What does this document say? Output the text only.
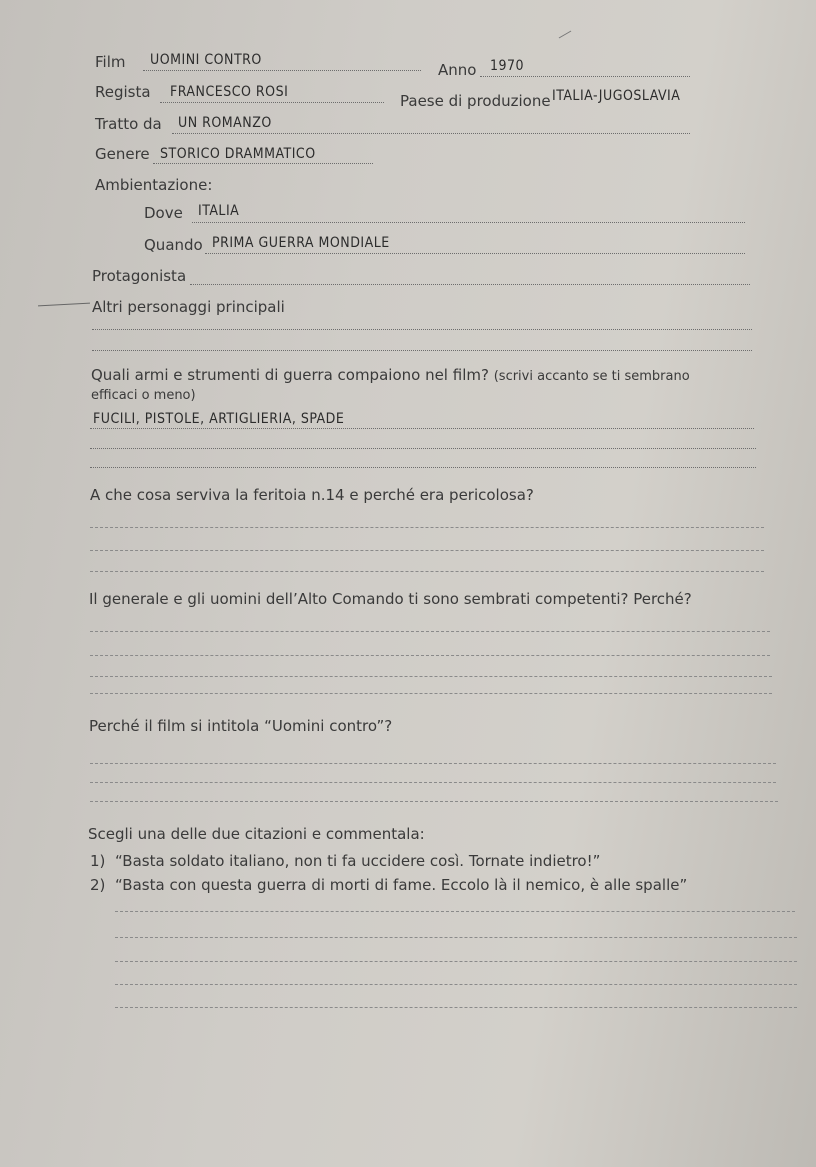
Film UOMINI CONTRO
Anno 1970
Regista FRANCESCO ROSI	Paese di produzione ITALIA-JUGOSLAVIA
Tratto da UN ROMANZO
Genere STORICO DRAMMATICO
Ambientazione:
Dove ITALIA
Quando PRIMA GUERRA MONDIALE
Protagonista
Altri personaggi principali
Quali armi e strumenti di guerra compaiono nel film? (scrivi accanto se ti sembrano
efficaci o meno)
FUCILI, PISTOLE, ARTIGLIERIA, SPADE
A che cosa serviva la feritoia n.14 e perché era pericolosa?
Il generale e gli uomini dell’Alto Comando ti sono sembrati competenti? Perché?
Perché il film si intitola “Uomini contro”?
Scegli una delle due citazioni e commentala:
1) “Basta soldato italiano, non ti fa uccidere così. Tornate indietro!”
2) “Basta con questa guerra di morti di fame. Eccolo là il nemico, è alle spalle”
